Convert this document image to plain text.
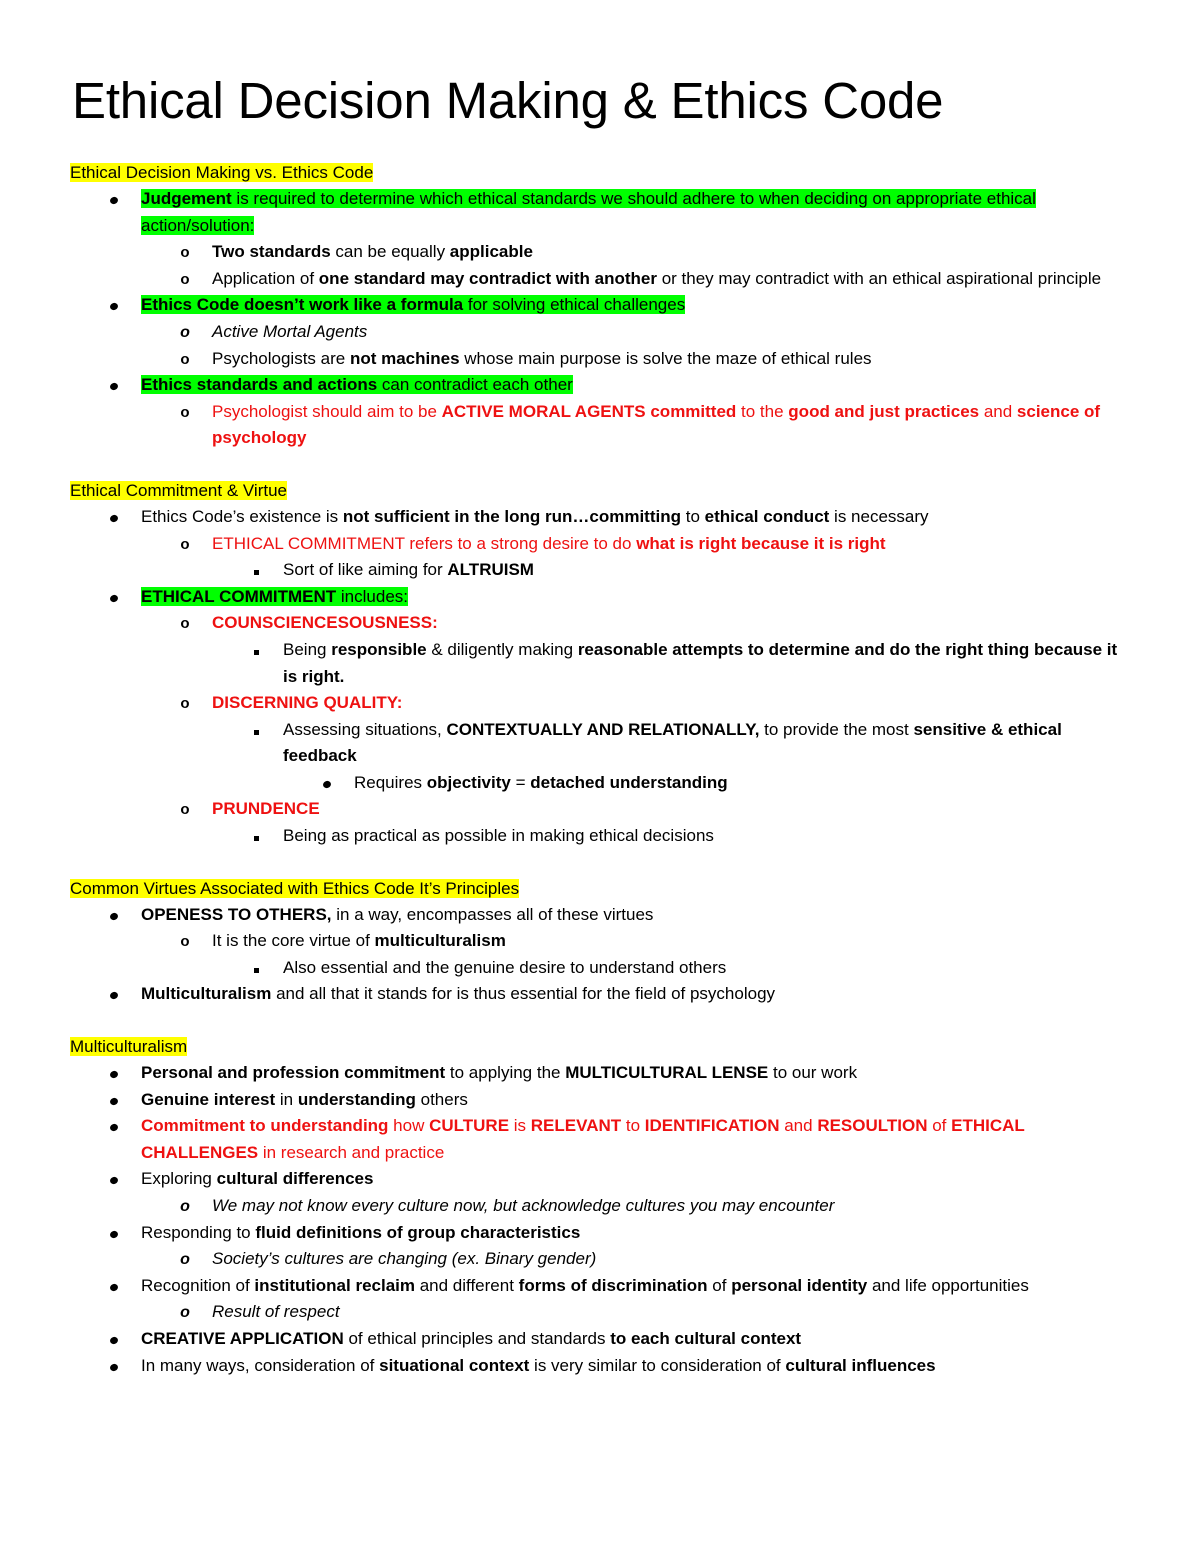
Ethical Decision Making & Ethics Code

Ethical Decision Making vs. Ethics Code

Judgement is required to determine which ethical standards we should adhere to when deciding on appropriate ethical action/solution:
o	Two standards can be equally applicable
o	Application of one standard may contradict with another or they may contradict with an ethical aspirational principle
Ethics Code doesn’t work like a formula for solving ethical challenges
o	Active Mortal Agents
o	Psychologists are not machines whose main purpose is solve the maze of ethical rules
Ethics standards and actions can contradict each other
o	Psychologist should aim to be ACTIVE MORAL AGENTS committed to the good and just practices and science of psychology

Ethical Commitment & Virtue

Ethics Code’s existence is not sufficient in the long run…committing to ethical conduct is necessary
o	ETHICAL COMMITMENT refers to a strong desire to do what is right because it is right
Sort of like aiming for ALTRUISM
ETHICAL COMMITMENT includes:
o	COUNSCIENCESOUSNESS:
Being responsible & diligently making reasonable attempts to determine and do the right thing because it is right.
o	DISCERNING QUALITY:
Assessing situations, CONTEXTUALLY AND RELATIONALLY, to provide the most sensitive & ethical feedback
Requires objectivity = detached understanding
o	PRUNDENCE
Being as practical as possible in making ethical decisions

Common Virtues Associated with Ethics Code It’s Principles

OPENESS TO OTHERS, in a way, encompasses all of these virtues
o	It is the core virtue of multiculturalism
Also essential and the genuine desire to understand others
Multiculturalism and all that it stands for is thus essential for the field of psychology

Multiculturalism

Personal and profession commitment to applying the MULTICULTURAL LENSE to our work
Genuine interest in understanding others
Commitment to understanding how CULTURE is RELEVANT to IDENTIFICATION and RESOULTION of ETHICAL CHALLENGES in research and practice
Exploring cultural differences
o	We may not know every culture now, but acknowledge cultures you may encounter
Responding to fluid definitions of group characteristics
o	Society’s cultures are changing (ex. Binary gender)
Recognition of institutional reclaim and different forms of discrimination of personal identity and life opportunities
o	Result of respect
CREATIVE APPLICATION of ethical principles and standards to each cultural context
In many ways, consideration of situational context is very similar to consideration of cultural influences
